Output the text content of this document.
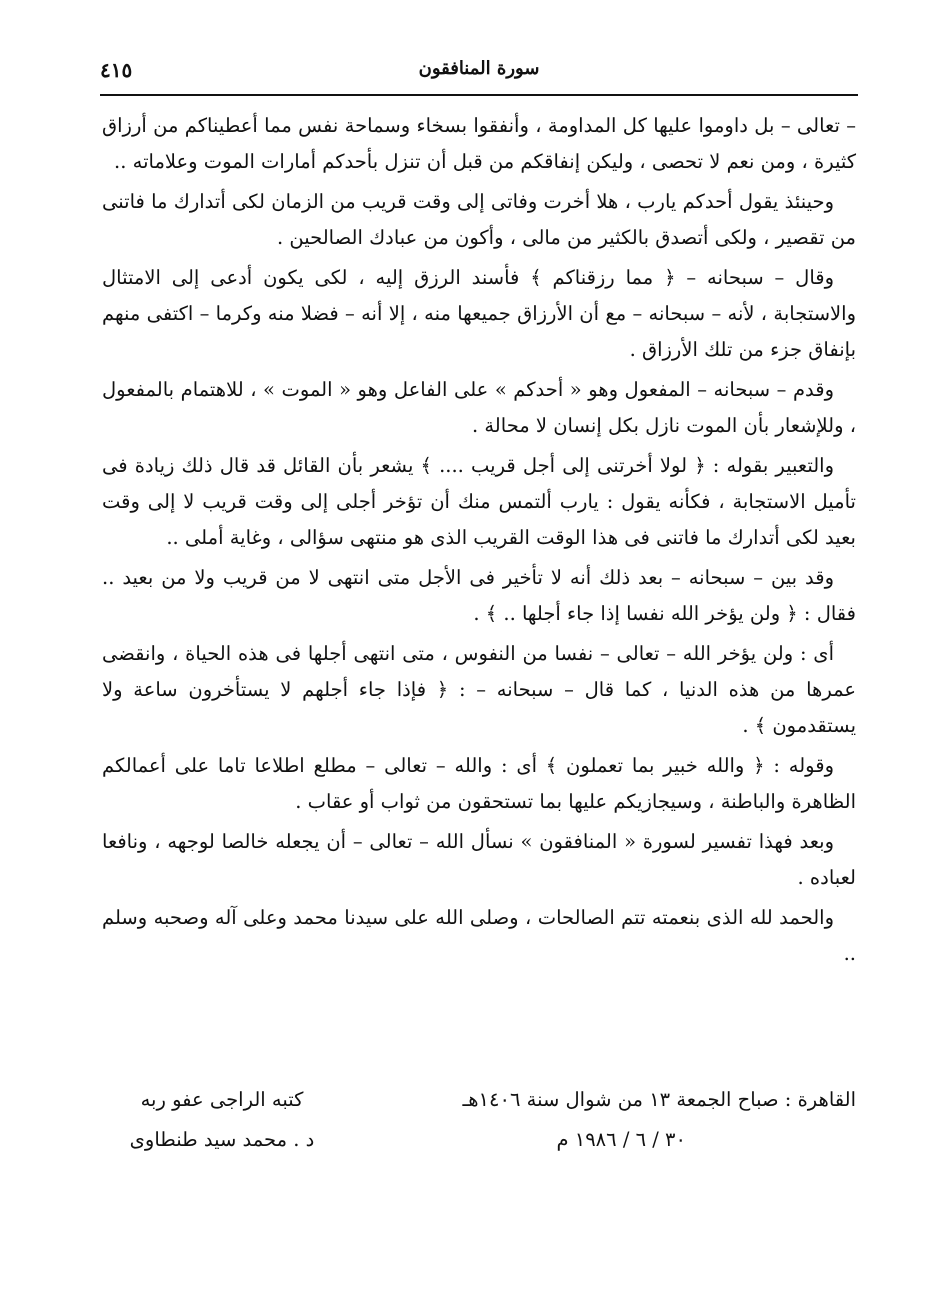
سورة المنافقون
٤١٥

– تعالى – بل داوموا عليها كل المداومة ، وأنفقوا بسخاء وسماحة نفس مما أعطيناكم من أرزاق كثيرة ، ومن نعم لا تحصى ، وليكن إنفاقكم من قبل أن تنزل بأحدكم أمارات الموت وعلاماته ..

وحينئذ يقول أحدكم يارب ، هلا أخرت وفاتى إلى وقت قريب من الزمان لكى أتدارك ما فاتنى من تقصير ، ولكى أتصدق بالكثير من مالى ، وأكون من عبادك الصالحين .

وقال – سبحانه – ﴿ مما رزقناكم ﴾ فأسند الرزق إليه ، لكى يكون أدعى إلى الامتثال والاستجابة ، لأنه – سبحانه – مع أن الأرزاق جميعها منه ، إلا أنه – فضلا منه وكرما – اكتفى منهم بإنفاق جزء من تلك الأرزاق .

وقدم – سبحانه – المفعول وهو « أحدكم » على الفاعل وهو « الموت » ، للاهتمام بالمفعول ، وللإشعار بأن الموت نازل بكل إنسان لا محالة .

والتعبير بقوله : ﴿ لولا أخرتنى إلى أجل قريب .... ﴾ يشعر بأن القائل قد قال ذلك زيادة فى تأميل الاستجابة ، فكأنه يقول : يارب ألتمس منك أن تؤخر أجلى إلى وقت قريب لا إلى وقت بعيد لكى أتدارك ما فاتنى فى هذا الوقت القريب الذى هو منتهى سؤالى ، وغاية أملى ..

وقد بين – سبحانه – بعد ذلك أنه لا تأخير فى الأجل متى انتهى لا من قريب ولا من بعيد .. فقال : ﴿ ولن يؤخر الله نفسا إذا جاء أجلها .. ﴾ .

أى : ولن يؤخر الله – تعالى – نفسا من النفوس ، متى انتهى أجلها فى هذه الحياة ، وانقضى عمرها من هذه الدنيا ، كما قال – سبحانه – : ﴿ فإذا جاء أجلهم لا يستأخرون ساعة ولا يستقدمون ﴾ .

وقوله : ﴿ والله خبير بما تعملون ﴾ أى : والله – تعالى – مطلع اطلاعا تاما على أعمالكم الظاهرة والباطنة ، وسيجازيكم عليها بما تستحقون من ثواب أو عقاب .

وبعد فهذا تفسير لسورة « المنافقون » نسأل الله – تعالى – أن يجعله خالصا لوجهه ، ونافعا لعباده .

والحمد لله الذى بنعمته تتم الصالحات ، وصلى الله على سيدنا محمد وعلى آله وصحبه وسلم ..

القاهرة : صباح الجمعة ١٣ من شوال سنة ١٤٠٦هـ
كتبه الراجى عفو ربه
٣٠ / ٦ / ١٩٨٦ م
د . محمد سيد طنطاوى
